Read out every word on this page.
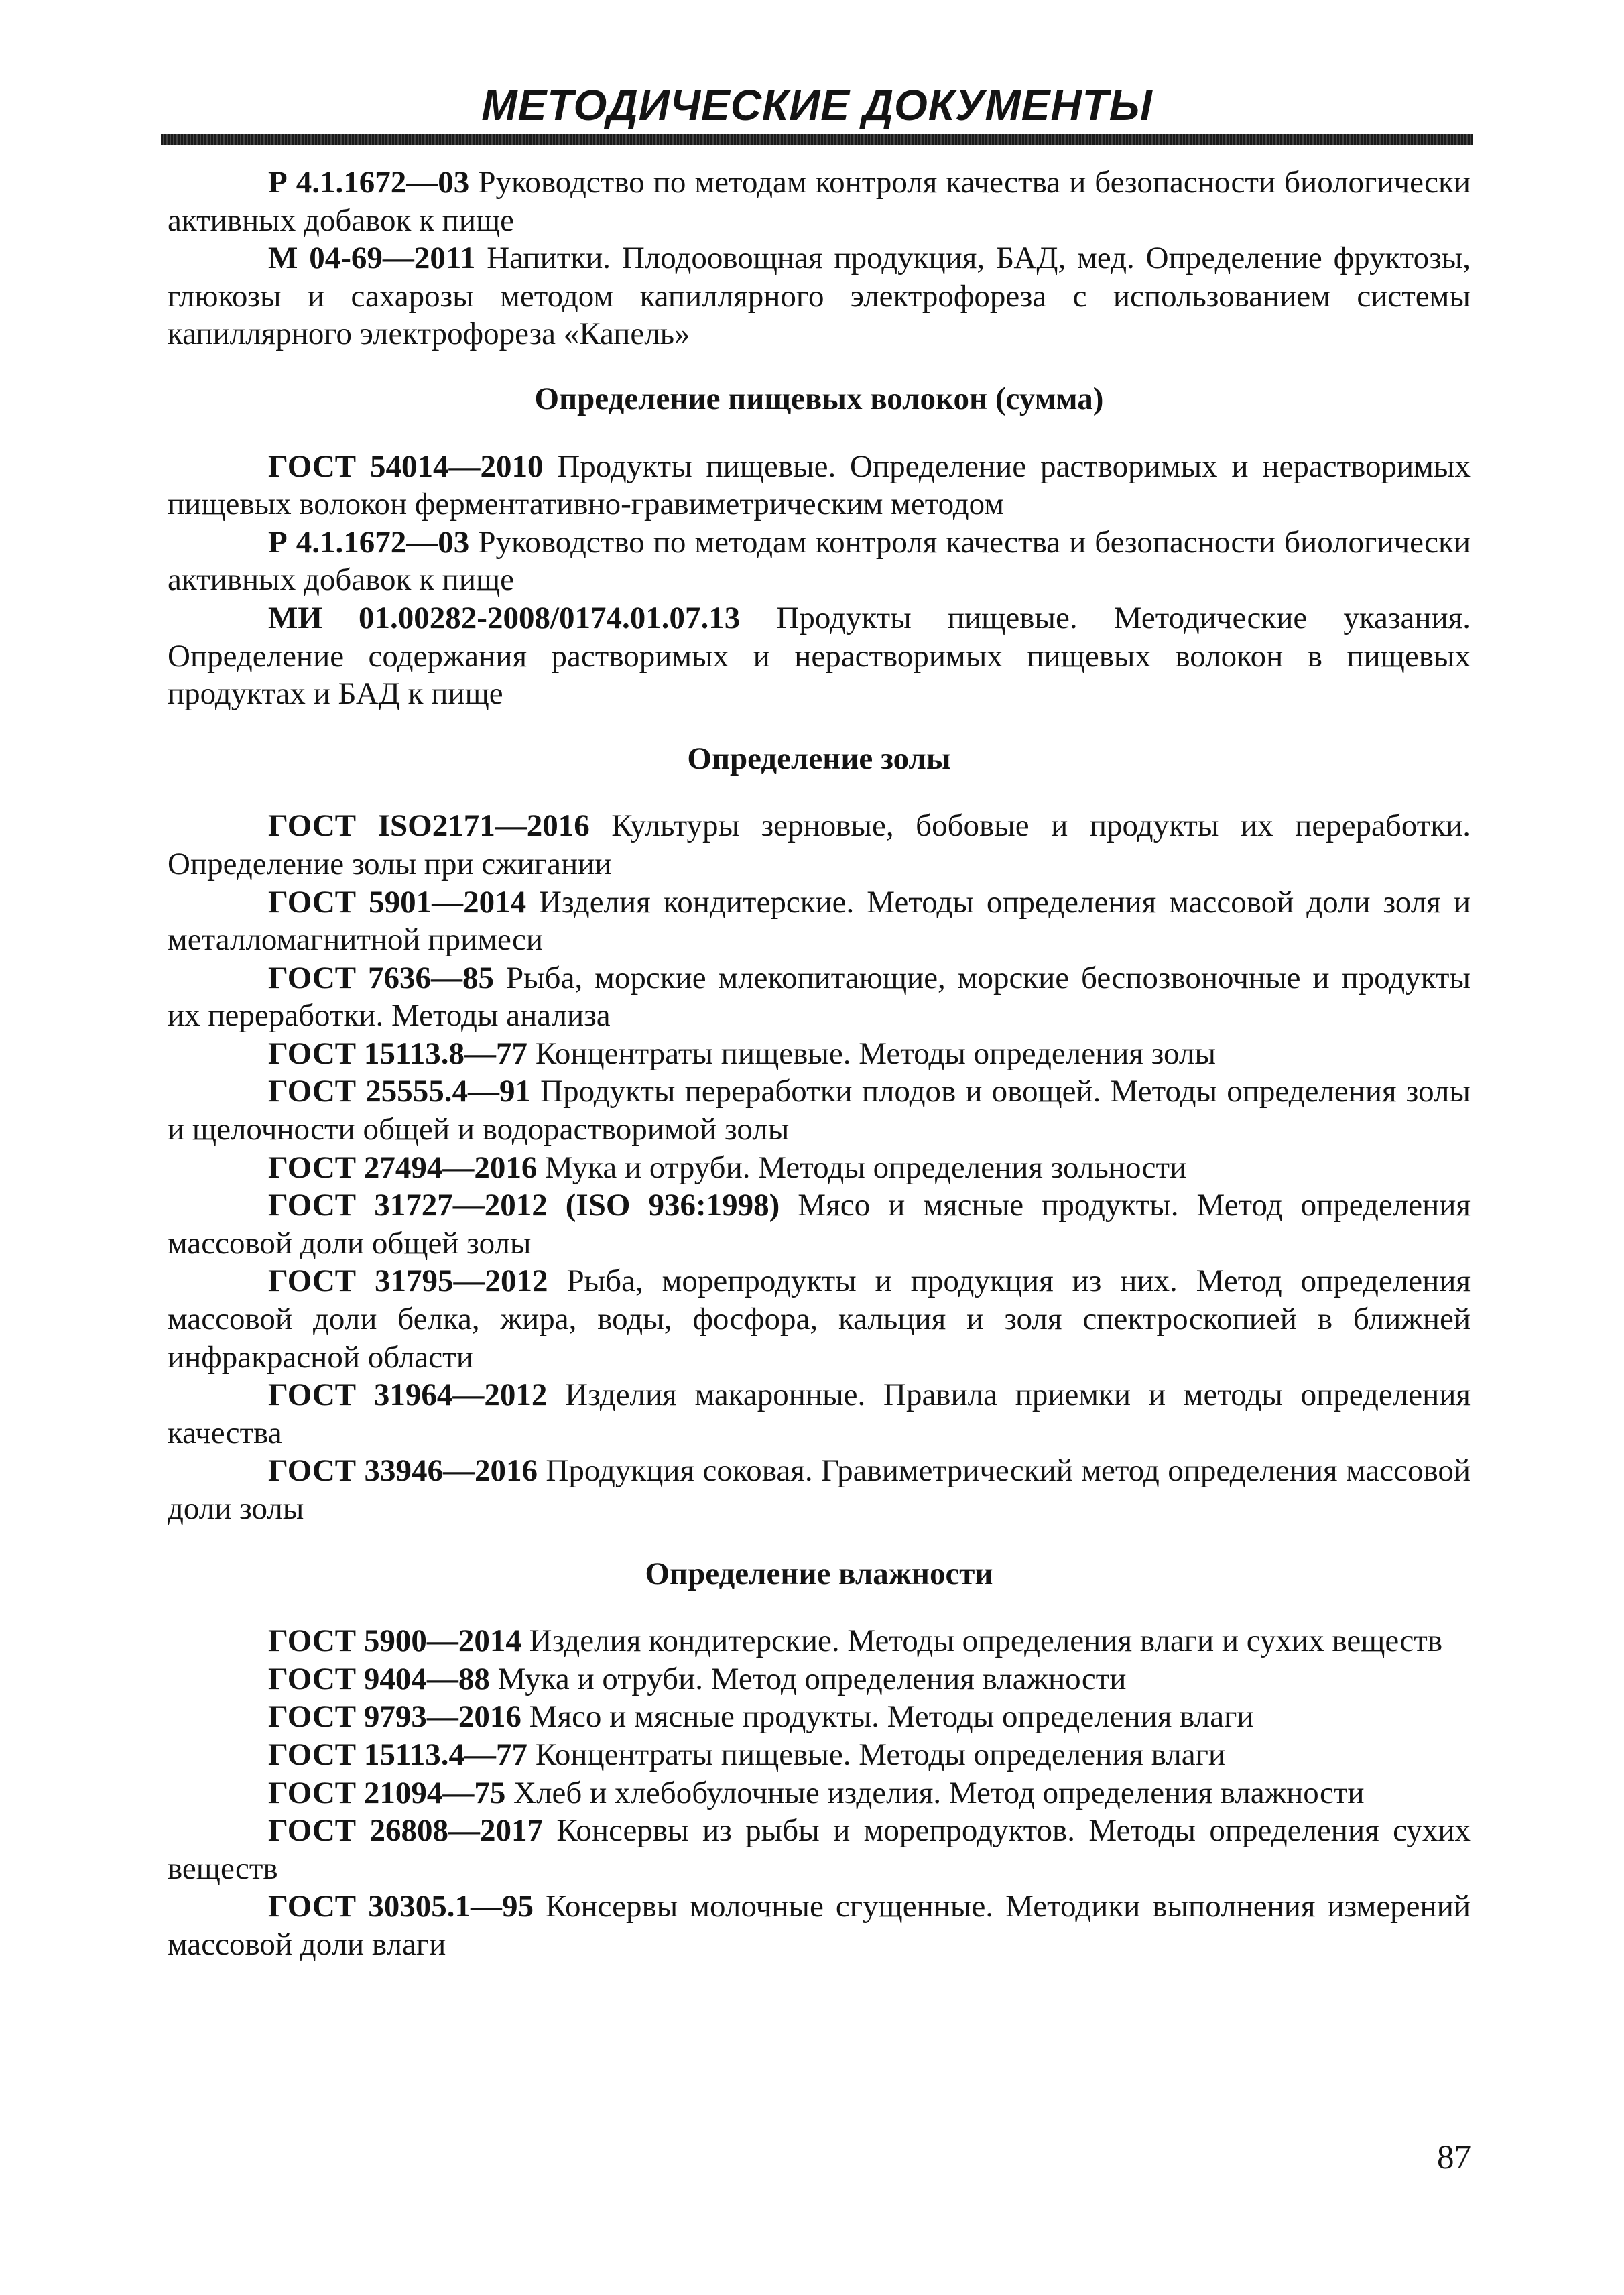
МЕТОДИЧЕСКИЕ ДОКУМЕНТЫ

Р 4.1.1672—03 Руководство по методам контроля качества и безопасности биологически активных добавок к пище

М 04-69—2011 Напитки. Плодоовощная продукция, БАД, мед. Определение фруктозы, глюкозы и сахарозы методом капиллярного электрофореза с использованием системы капиллярного электрофореза «Капель»

Определение пищевых волокон (сумма)

ГОСТ 54014—2010 Продукты пищевые. Определение растворимых и нерастворимых пищевых волокон ферментативно-гравиметрическим методом

Р 4.1.1672—03 Руководство по методам контроля качества и безопасности биологически активных добавок к пище

МИ 01.00282-2008/0174.01.07.13 Продукты пищевые. Методические указания. Определение содержания растворимых и нерастворимых пищевых волокон в пищевых продуктах и БАД к пище

Определение золы

ГОСТ ISO2171—2016 Культуры зерновые, бобовые и продукты их переработки. Определение золы при сжигании

ГОСТ 5901—2014 Изделия кондитерские. Методы определения массовой доли золя и металломагнитной примеси

ГОСТ 7636—85 Рыба, морские млекопитающие, морские беспозвоночные и продукты их переработки. Методы анализа

ГОСТ 15113.8—77 Концентраты пищевые. Методы определения золы

ГОСТ 25555.4—91 Продукты переработки плодов и овощей. Методы определения золы и щелочности общей и водорастворимой золы

ГОСТ 27494—2016 Мука и отруби. Методы определения зольности

ГОСТ 31727—2012 (ISO 936:1998) Мясо и мясные продукты. Метод определения массовой доли общей золы

ГОСТ 31795—2012 Рыба, морепродукты и продукция из них. Метод определения массовой доли белка, жира, воды, фосфора, кальция и золя спектроскопией в ближней инфракрасной области

ГОСТ 31964—2012 Изделия макаронные. Правила приемки и методы определения качества

ГОСТ 33946—2016 Продукция соковая. Гравиметрический метод определения массовой доли золы

Определение влажности

ГОСТ 5900—2014 Изделия кондитерские. Методы определения влаги и сухих веществ

ГОСТ 9404—88 Мука и отруби. Метод определения влажности

ГОСТ 9793—2016 Мясо и мясные продукты. Методы определения влаги

ГОСТ 15113.4—77 Концентраты пищевые. Методы определения влаги

ГОСТ 21094—75 Хлеб и хлебобулочные изделия. Метод определения влажности

ГОСТ 26808—2017 Консервы из рыбы и морепродуктов. Методы определения сухих веществ

ГОСТ 30305.1—95 Консервы молочные сгущенные. Методики выполнения измерений массовой доли влаги

87
